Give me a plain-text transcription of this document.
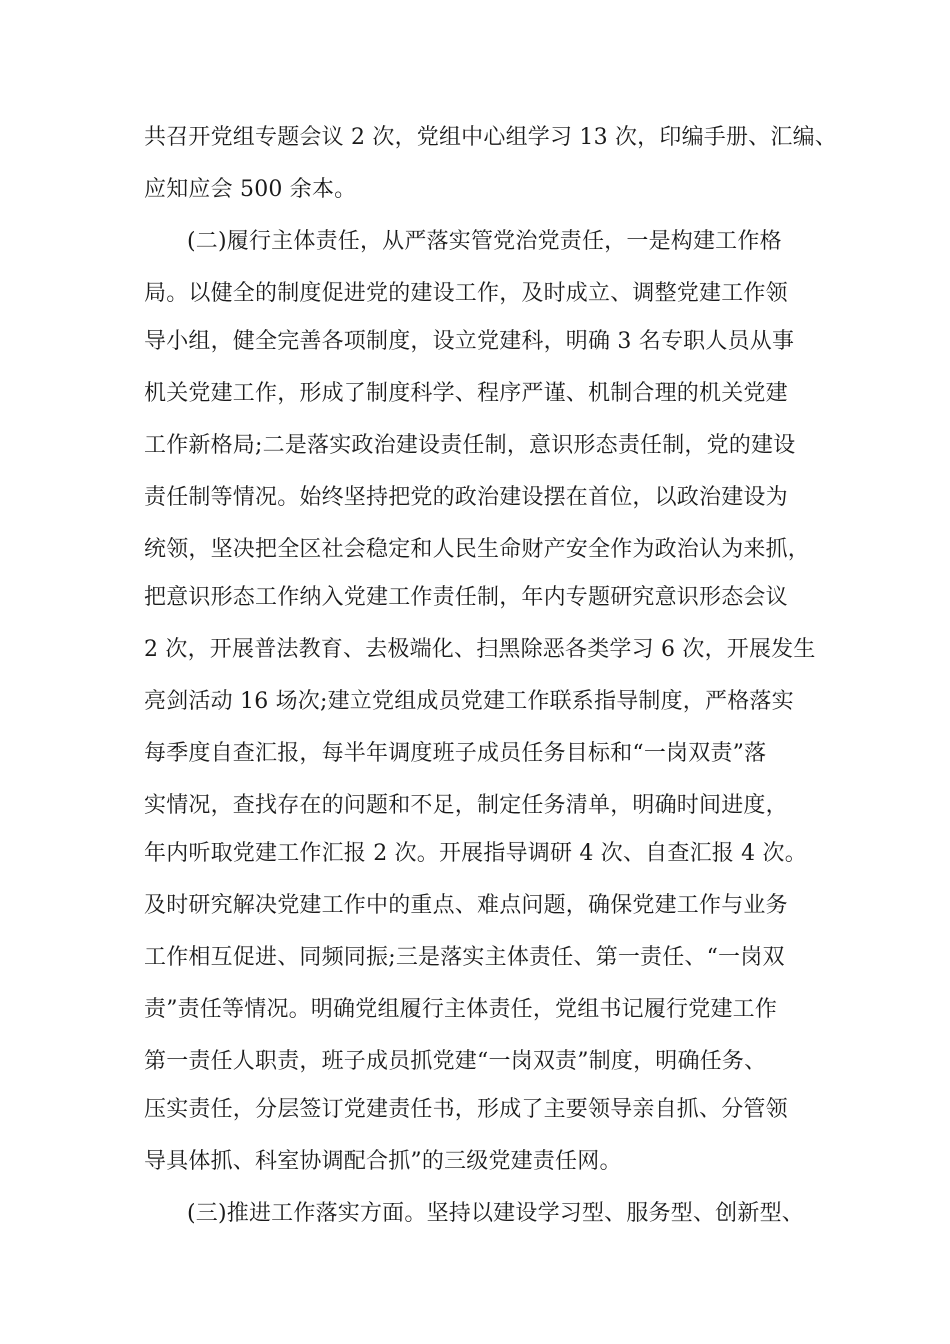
共召开党组专题会议 2 次，党组中心组学习 13 次，印编手册、汇编、
应知应会 500 余本。
(二)履行主体责任，从严落实管党治党责任，一是构建工作格
局。以健全的制度促进党的建设工作，及时成立、调整党建工作领
导小组，健全完善各项制度，设立党建科，明确 3 名专职人员从事
机关党建工作，形成了制度科学、程序严谨、机制合理的机关党建
工作新格局;二是落实政治建设责任制，意识形态责任制，党的建设
责任制等情况。始终坚持把党的政治建设摆在首位，以政治建设为
统领，坚决把全区社会稳定和人民生命财产安全作为政治认为来抓，
把意识形态工作纳入党建工作责任制，年内专题研究意识形态会议
2 次，开展普法教育、去极端化、扫黑除恶各类学习 6 次，开展发生
亮剑活动 16 场次;建立党组成员党建工作联系指导制度，严格落实
每季度自查汇报，每半年调度班子成员任务目标和“一岗双责”落
实情况，查找存在的问题和不足，制定任务清单，明确时间进度，
年内听取党建工作汇报 2 次。开展指导调研 4 次、自查汇报 4 次。
及时研究解决党建工作中的重点、难点问题，确保党建工作与业务
工作相互促进、同频同振;三是落实主体责任、第一责任、“一岗双
责”责任等情况。明确党组履行主体责任，党组书记履行党建工作
第一责任人职责，班子成员抓党建“一岗双责”制度，明确任务、
压实责任，分层签订党建责任书，形成了主要领导亲自抓、分管领
导具体抓、科室协调配合抓”的三级党建责任网。
(三)推进工作落实方面。坚持以建设学习型、服务型、创新型、
